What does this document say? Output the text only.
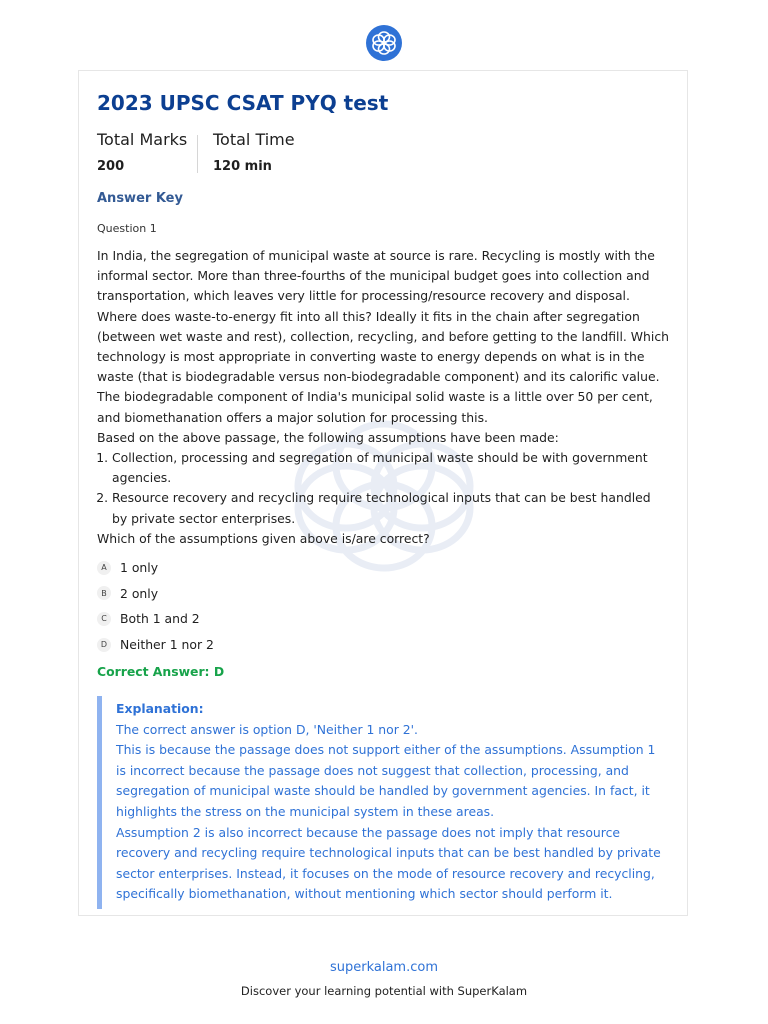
2023 UPSC CSAT PYQ test
Total Marks
200
Total Time
120 min
Answer Key
Question 1

In India, the segregation of municipal waste at source is rare. Recycling is mostly with the informal sector. More than three-fourths of the municipal budget goes into collection and transportation, which leaves very little for processing/resource recovery and disposal. Where does waste-to-energy fit into all this? Ideally it fits in the chain after segregation (between wet waste and rest), collection, recycling, and before getting to the landfill. Which technology is most appropriate in converting waste to energy depends on what is in the waste (that is biodegradable versus non-biodegradable component) and its calorific value. The biodegradable component of India's municipal solid waste is a little over 50 per cent, and biomethanation offers a major solution for processing this.

Based on the above passage, the following assumptions have been made:

1. Collection, processing and segregation of municipal waste should be with government agencies.
2. Resource recovery and recycling require technological inputs that can be best handled by private sector enterprises.

Which of the assumptions given above is/are correct?

A	1 only
B	2 only
C	Both 1 and 2
D	Neither 1 nor 2
Correct Answer: D

Explanation:

The correct answer is option D, 'Neither 1 nor 2'.

This is because the passage does not support either of the assumptions. Assumption 1 is incorrect because the passage does not suggest that collection, processing, and segregation of municipal waste should be handled by government agencies. In fact, it highlights the stress on the municipal system in these areas.

Assumption 2 is also incorrect because the passage does not imply that resource recovery and recycling require technological inputs that can be best handled by private sector enterprises. Instead, it focuses on the mode of resource recovery and recycling, specifically biomethanation, without mentioning which sector should perform it.

superkalam.com
Discover your learning potential with SuperKalam
